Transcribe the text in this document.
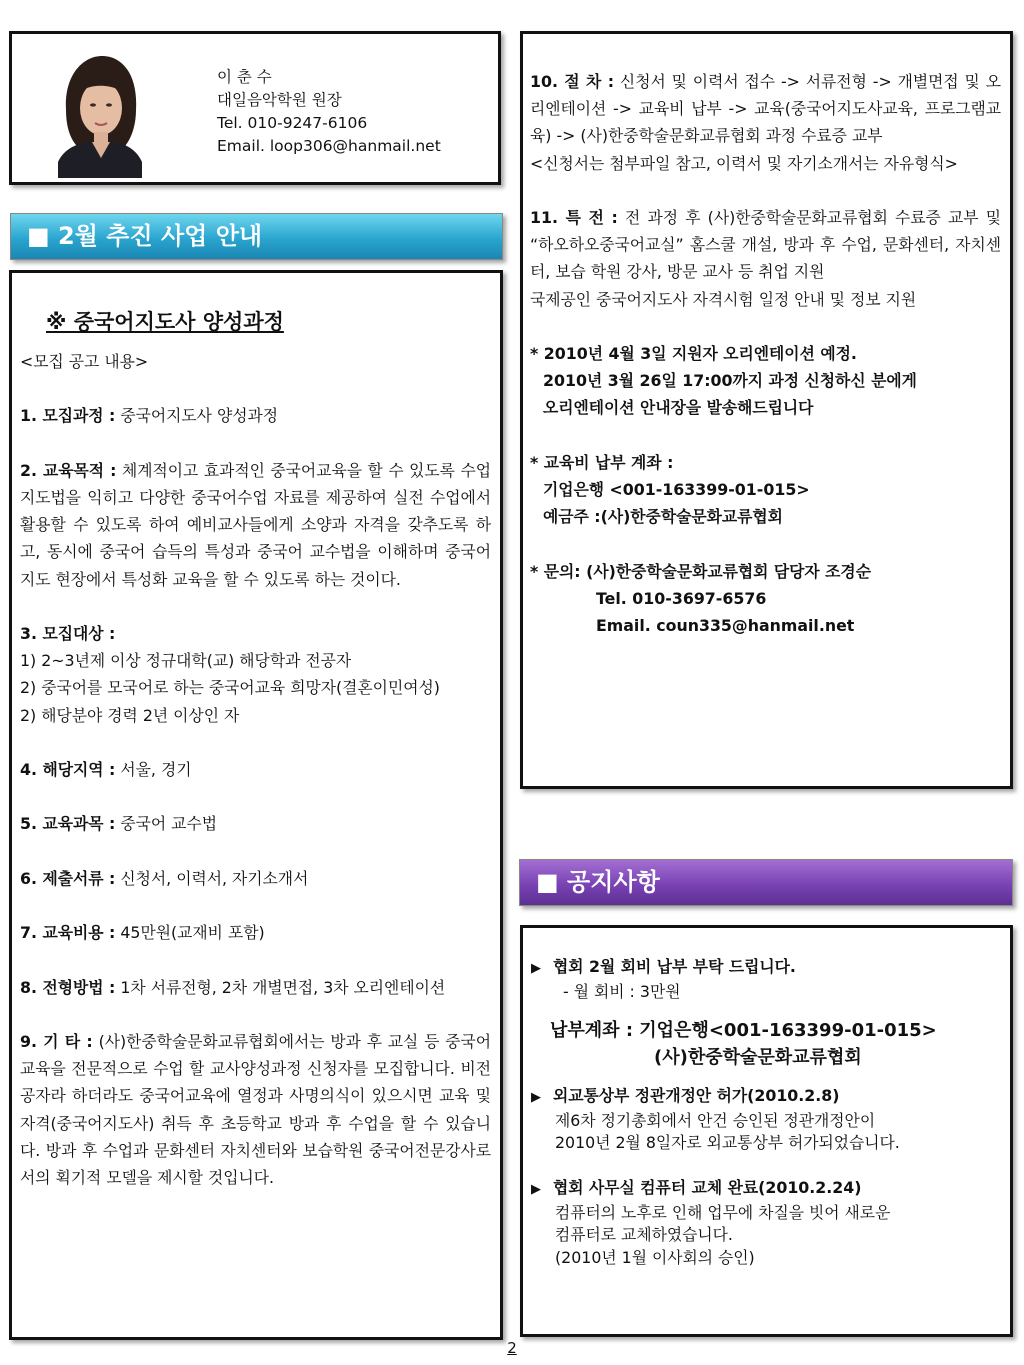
이 춘 수
대일음악학원 원장
Tel. 010-9247-6106
Email. loop306@hanmail.net
■ 2월 추진 사업 안내
※ 중국어지도사 양성과정

<모집 공고 내용>

1. 모집과정 : 중국어지도사 양성과정

2. 교육목적 : 체계적이고 효과적인 중국어교육을 할 수 있도록 수업지도법을 익히고 다양한 중국어수업 자료를 제공하여 실전 수업에서 활용할 수 있도록 하여 예비교사들에게 소양과 자격을 갖추도록 하고, 동시에 중국어 습득의 특성과 중국어 교수법을 이해하며 중국어 지도 현장에서 특성화 교육을 할 수 있도록 하는 것이다.

3. 모집대상 :

1) 2~3년제 이상 정규대학(교) 해당학과 전공자

2) 중국어를 모국어로 하는 중국어교육 희망자(결혼이민여성)

2) 해당분야 경력 2년 이상인 자

4. 해당지역 : 서울, 경기

5. 교육과목 : 중국어 교수법

6. 제출서류 : 신청서, 이력서, 자기소개서

7. 교육비용 : 45만원(교재비 포함)

8. 전형방법 : 1차 서류전형, 2차 개별면접, 3차 오리엔테이션

9. 기 타 : (사)한중학술문화교류협회에서는 방과 후 교실 등 중국어교육을 전문적으로 수업 할 교사양성과정 신청자를 모집합니다. 비전공자라 하더라도 중국어교육에 열정과 사명의식이 있으시면 교육 및 자격(중국어지도사) 취득 후 초등학교 방과 후 수업을 할 수 있습니다. 방과 후 수업과 문화센터 자치센터와 보습학원 중국어전문강사로서의 획기적 모델을 제시할 것입니다.

10. 절 차 : 신청서 및 이력서 접수 -> 서류전형 -> 개별면접 및 오리엔테이션 -> 교육비 납부 -> 교육(중국어지도사교육, 프로그램교육) -> (사)한중학술문화교류협회 과정 수료증 교부

<신청서는 첨부파일 참고, 이력서 및 자기소개서는 자유형식>

11. 특 전 : 전 과정 후 (사)한중학술문화교류협회 수료증 교부 및 “하오하오중국어교실” 홈스쿨 개설, 방과 후 수업, 문화센터, 자치센터, 보습 학원 강사, 방문 교사 등 취업 지원

국제공인 중국어지도사 자격시험 일정 안내 및 정보 지원

* 2010년 4월 3일 지원자 오리엔테이션 예정.

2010년 3월 26일 17:00까지 과정 신청하신 분에게

오리엔테이션 안내장을 발송해드립니다

* 교육비 납부 계좌 :

기업은행 <001-163399-01-015>

예금주 :(사)한중학술문화교류협회

* 문의: (사)한중학술문화교류협회 담당자 조경순

Tel. 010-3697-6576

Email. coun335@hanmail.net

■ 공지사항
▶ 협회 2월 회비 납부 부탁 드립니다.
- 월 회비 : 3만원
납부계좌 : 기업은행<001-163399-01-015>
(사)한중학술문화교류협회
▶ 외교통상부 정관개정안 허가(2010.2.8)
제6차 정기총회에서 안건 승인된 정관개정안이
2010년 2월 8일자로 외교통상부 허가되었습니다.
▶ 협회 사무실 컴퓨터 교체 완료(2010.2.24)
컴퓨터의 노후로 인해 업무에 차질을 빗어 새로운
컴퓨터로 교체하였습니다.
(2010년 1월 이사회의 승인)
2
